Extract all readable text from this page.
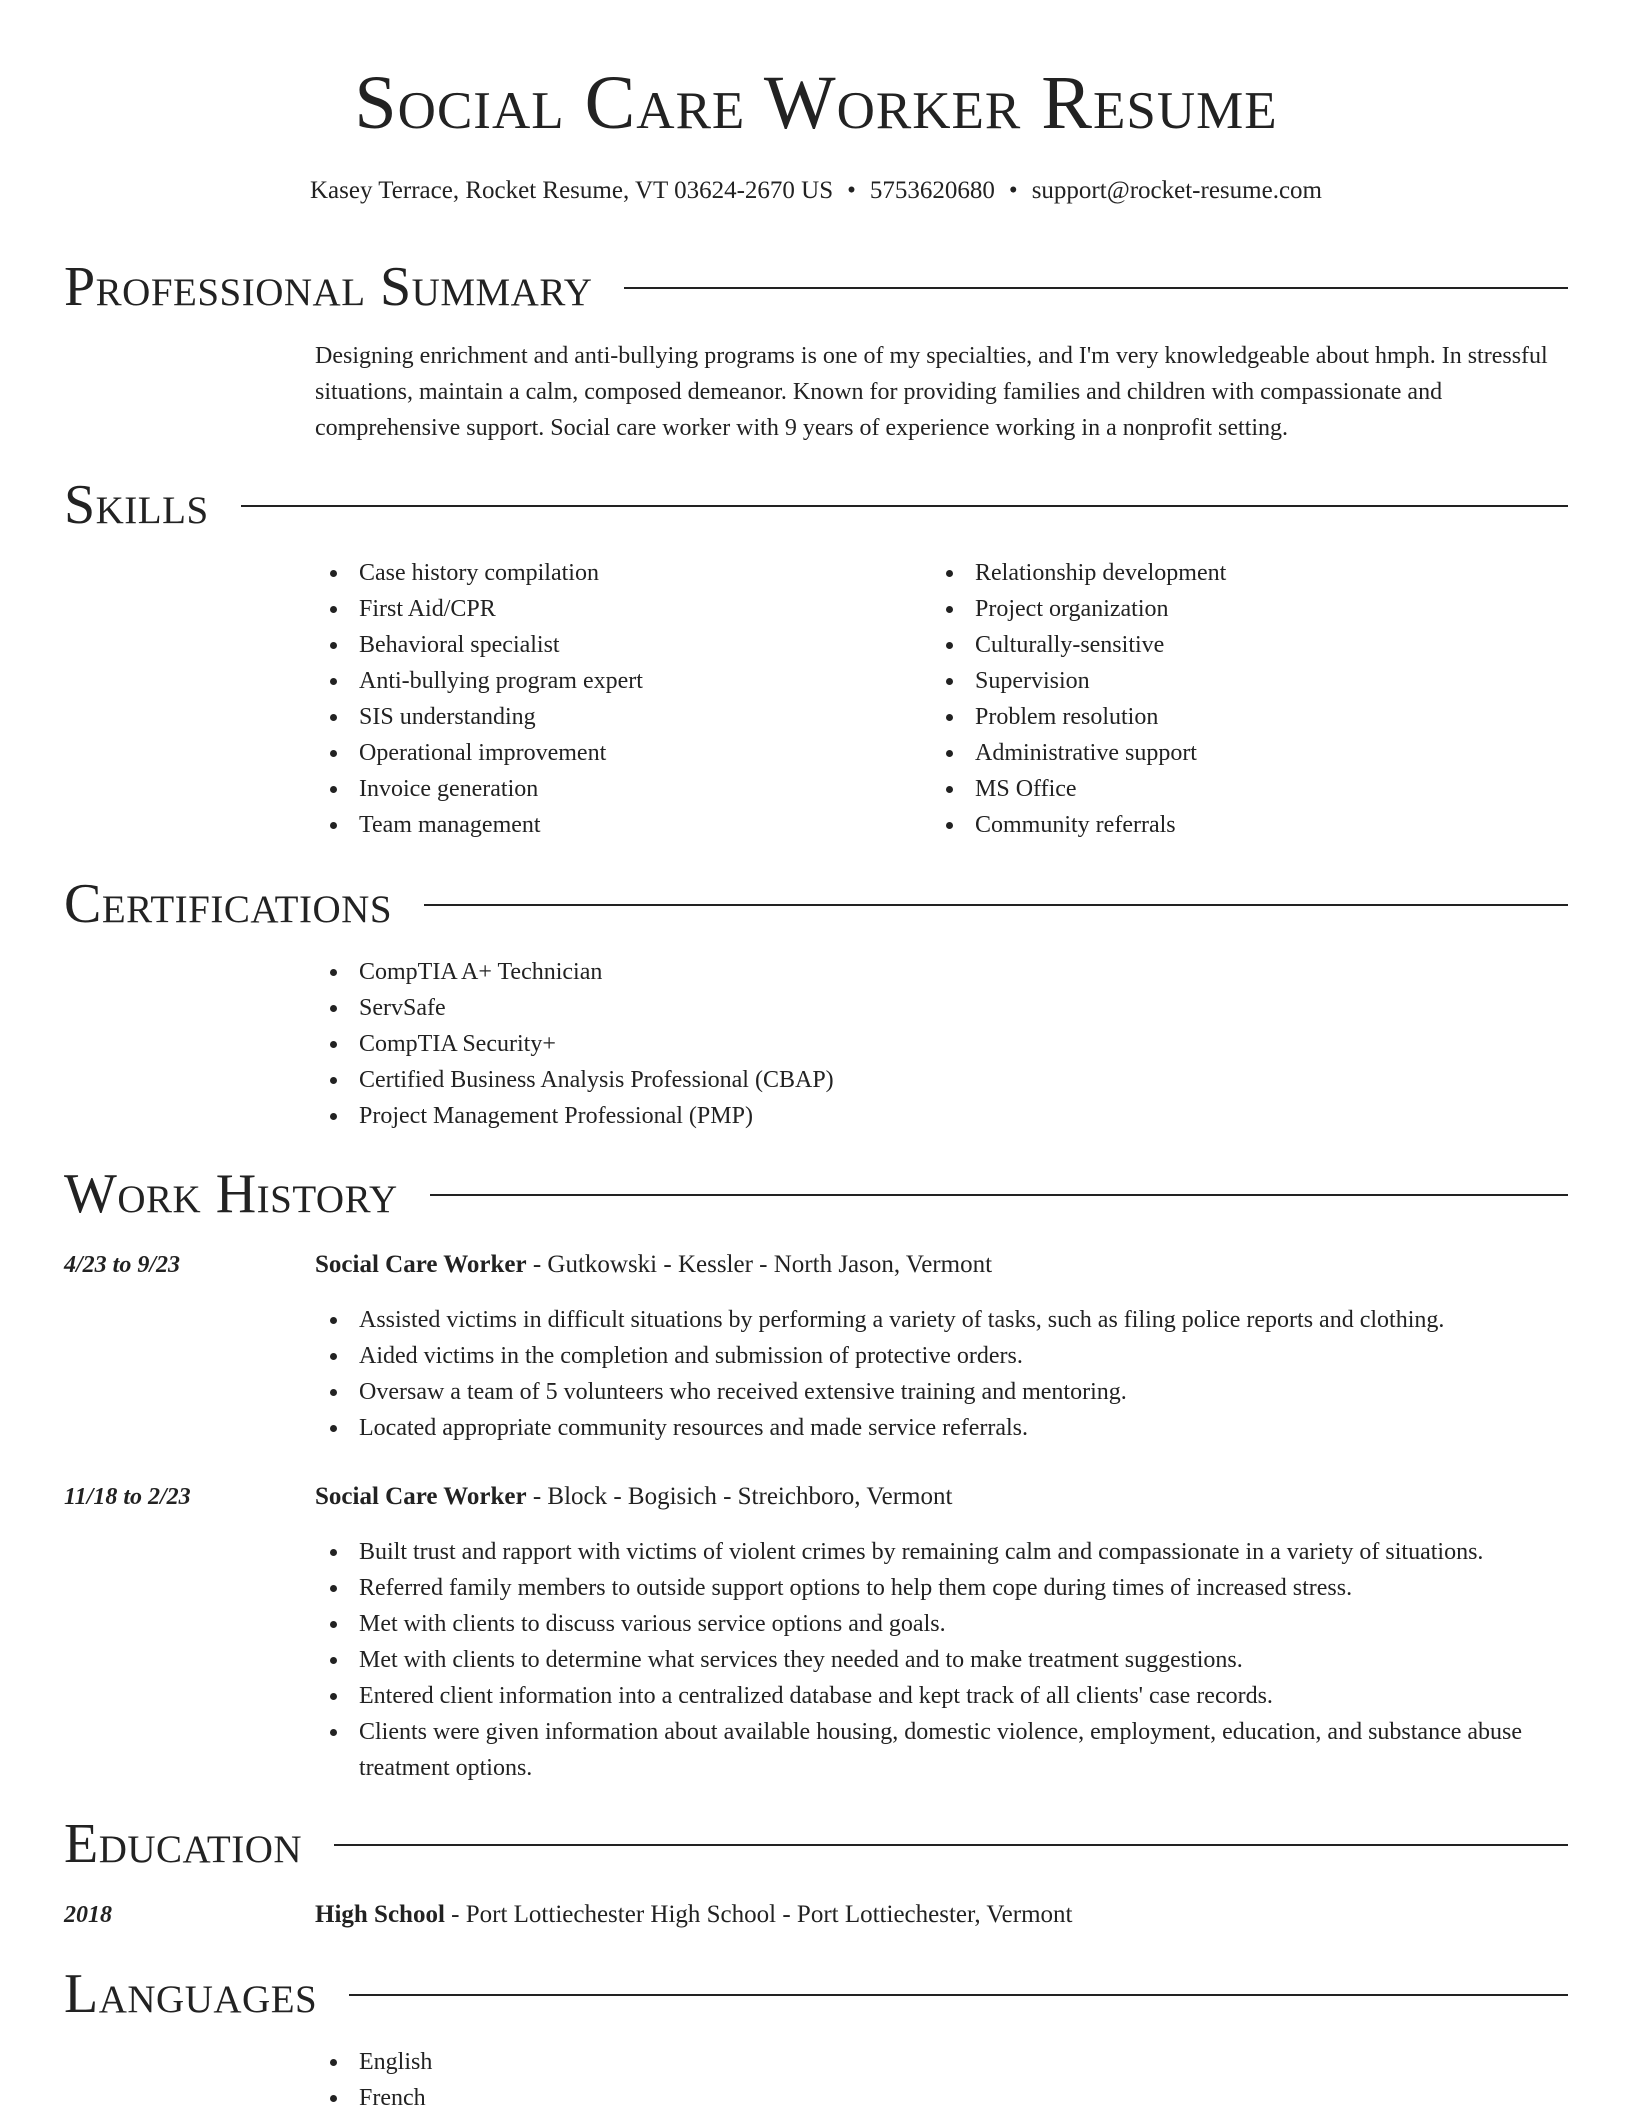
Social Care Worker Resume
Kasey Terrace, Rocket Resume, VT 03624-2670 US • 5753620680 • support@rocket-resume.com
Professional Summary

Designing enrichment and anti-bullying programs is one of my specialties, and I'm very knowledgeable about hmph. In stressful situations, maintain a calm, composed demeanor. Known for providing families and children with compassionate and comprehensive support. Social care worker with 9 years of experience working in a nonprofit setting.

Skills
Case history compilation
First Aid/CPR
Behavioral specialist
Anti-bullying program expert
SIS understanding
Operational improvement
Invoice generation
Team management
Relationship development
Project organization
Culturally-sensitive
Supervision
Problem resolution
Administrative support
MS Office
Community referrals
Certifications
CompTIA A+ Technician
ServSafe
CompTIA Security+
Certified Business Analysis Professional (CBAP)
Project Management Professional (PMP)
Work History
4/23 to 9/23	Social Care Worker - Gutkowski - Kessler - North Jason, Vermont
Assisted victims in difficult situations by performing a variety of tasks, such as filing police reports and clothing.
Aided victims in the completion and submission of protective orders.
Oversaw a team of 5 volunteers who received extensive training and mentoring.
Located appropriate community resources and made service referrals.
11/18 to 2/23	Social Care Worker - Block - Bogisich - Streichboro, Vermont
Built trust and rapport with victims of violent crimes by remaining calm and compassionate in a variety of situations.
Referred family members to outside support options to help them cope during times of increased stress.
Met with clients to discuss various service options and goals.
Met with clients to determine what services they needed and to make treatment suggestions.
Entered client information into a centralized database and kept track of all clients' case records.
Clients were given information about available housing, domestic violence, employment, education, and substance abuse treatment options.
Education
2018	High School - Port Lottiechester High School - Port Lottiechester, Vermont
Languages
English
French
